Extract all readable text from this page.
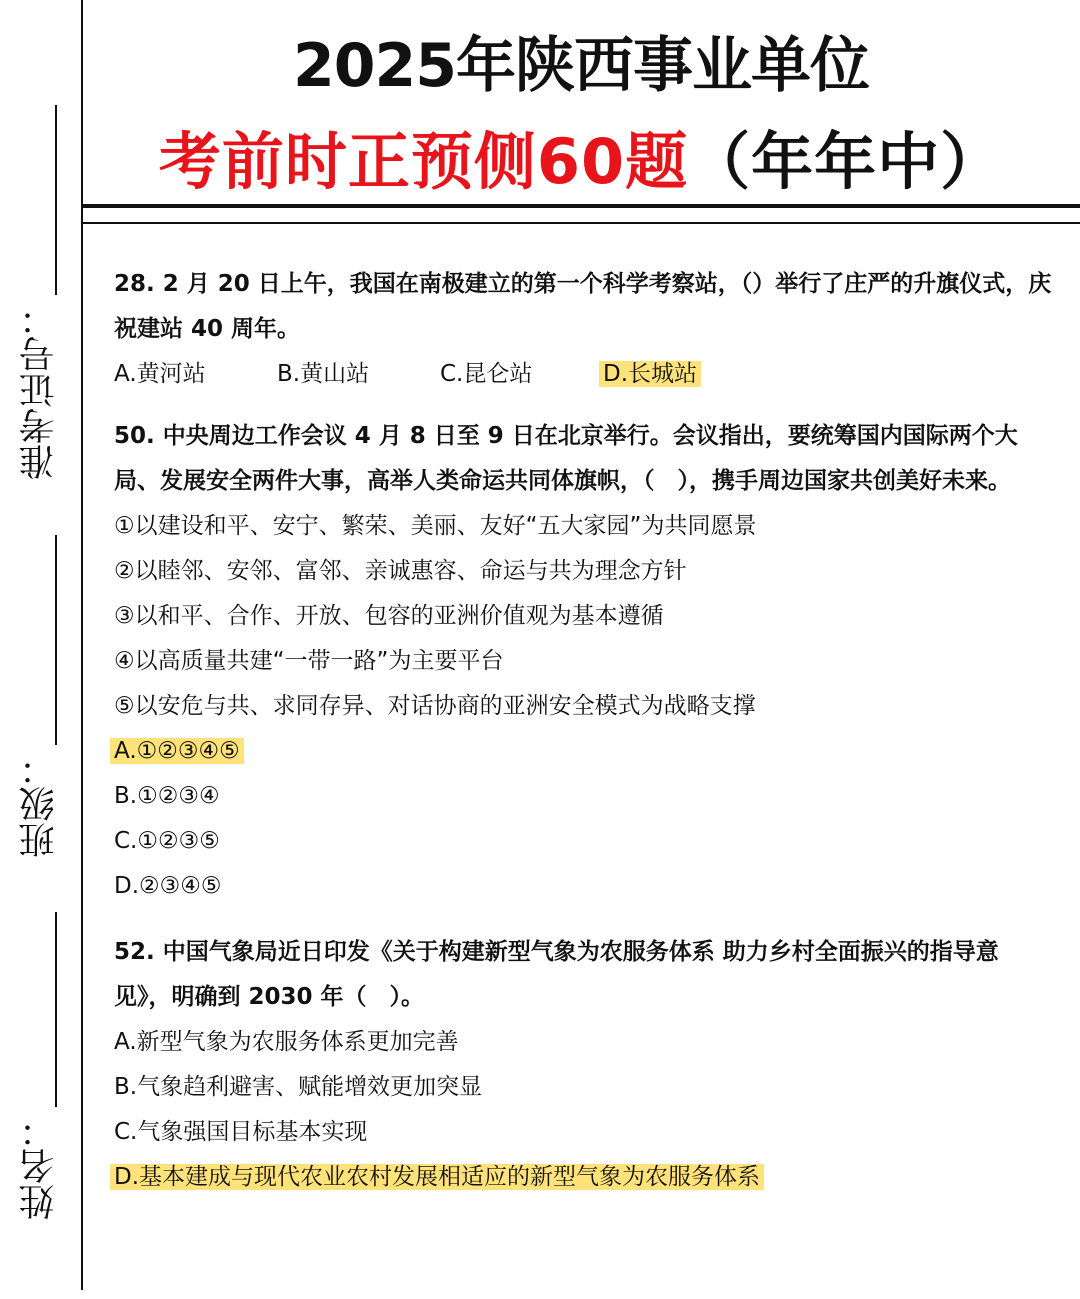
准考证号：
班级：
姓名：
2025年陕西事业单位
考前时正预侧60题（年年中）

28. 2 月 20 日上午，我国在南极建立的第一个科学考察站，（）举行了庄严的升旗仪式，庆祝建站 40 周年。

A.黄河站	B.黄山站	C.昆仑站	D.长城站

50. 中央周边工作会议 4 月 8 日至 9 日在北京举行。会议指出，要统筹国内国际两个大局、发展安全两件大事，高举人类命运共同体旗帜，（　），携手周边国家共创美好未来。

①以建设和平、安宁、繁荣、美丽、友好“五大家园”为共同愿景
②以睦邻、安邻、富邻、亲诚惠容、命运与共为理念方针
③以和平、合作、开放、包容的亚洲价值观为基本遵循
④以高质量共建“一带一路”为主要平台
⑤以安危与共、求同存异、对话协商的亚洲安全模式为战略支撑
A.①②③④⑤
B.①②③④
C.①②③⑤
D.②③④⑤

52. 中国气象局近日印发《关于构建新型气象为农服务体系 助力乡村全面振兴的指导意见》，明确到 2030 年（　）。

A.新型气象为农服务体系更加完善
B.气象趋利避害、赋能增效更加突显
C.气象强国目标基本实现
D.基本建成与现代农业农村发展相适应的新型气象为农服务体系
